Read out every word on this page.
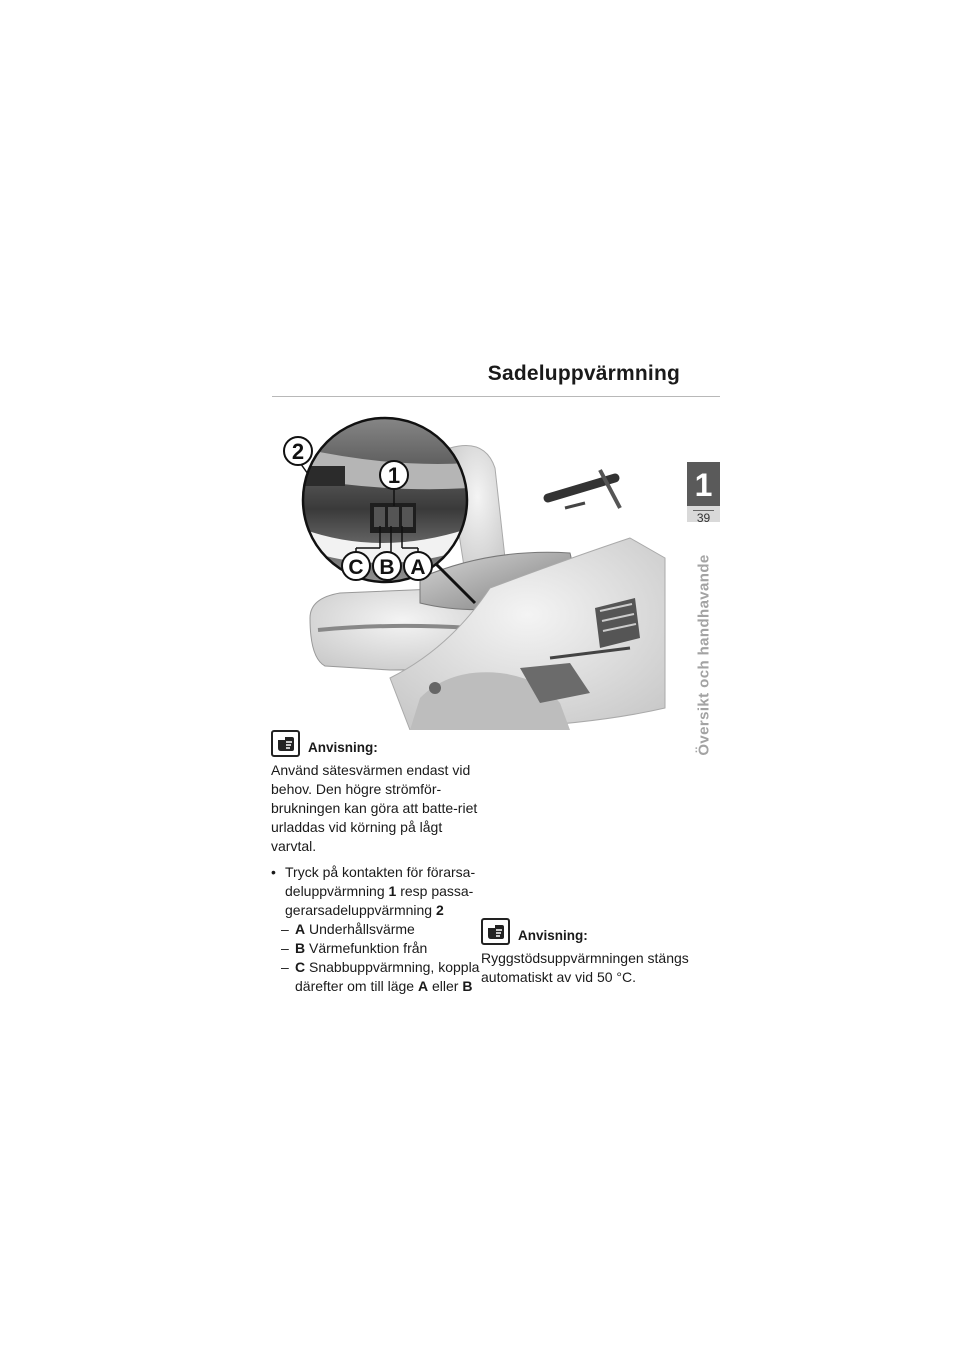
Sadeluppvärmning
1
39
Översikt och handhavande
2
1
C B A
Anvisning:
Använd sätesvärmen endast vid behov. Den högre strömför-brukningen kan göra att batte-riet urladdas vid körning på lågt varvtal.
• Tryck på kontakten för förarsa-deluppvärmning 1 resp passa-gerarsadeluppvärmning 2
– A Underhållsvärme
– B Värmefunktion från
– C Snabbuppvärmning, koppla därefter om till läge A eller B
Anvisning:
Ryggstödsuppvärmningen stängs automatiskt av vid 50 °C.
